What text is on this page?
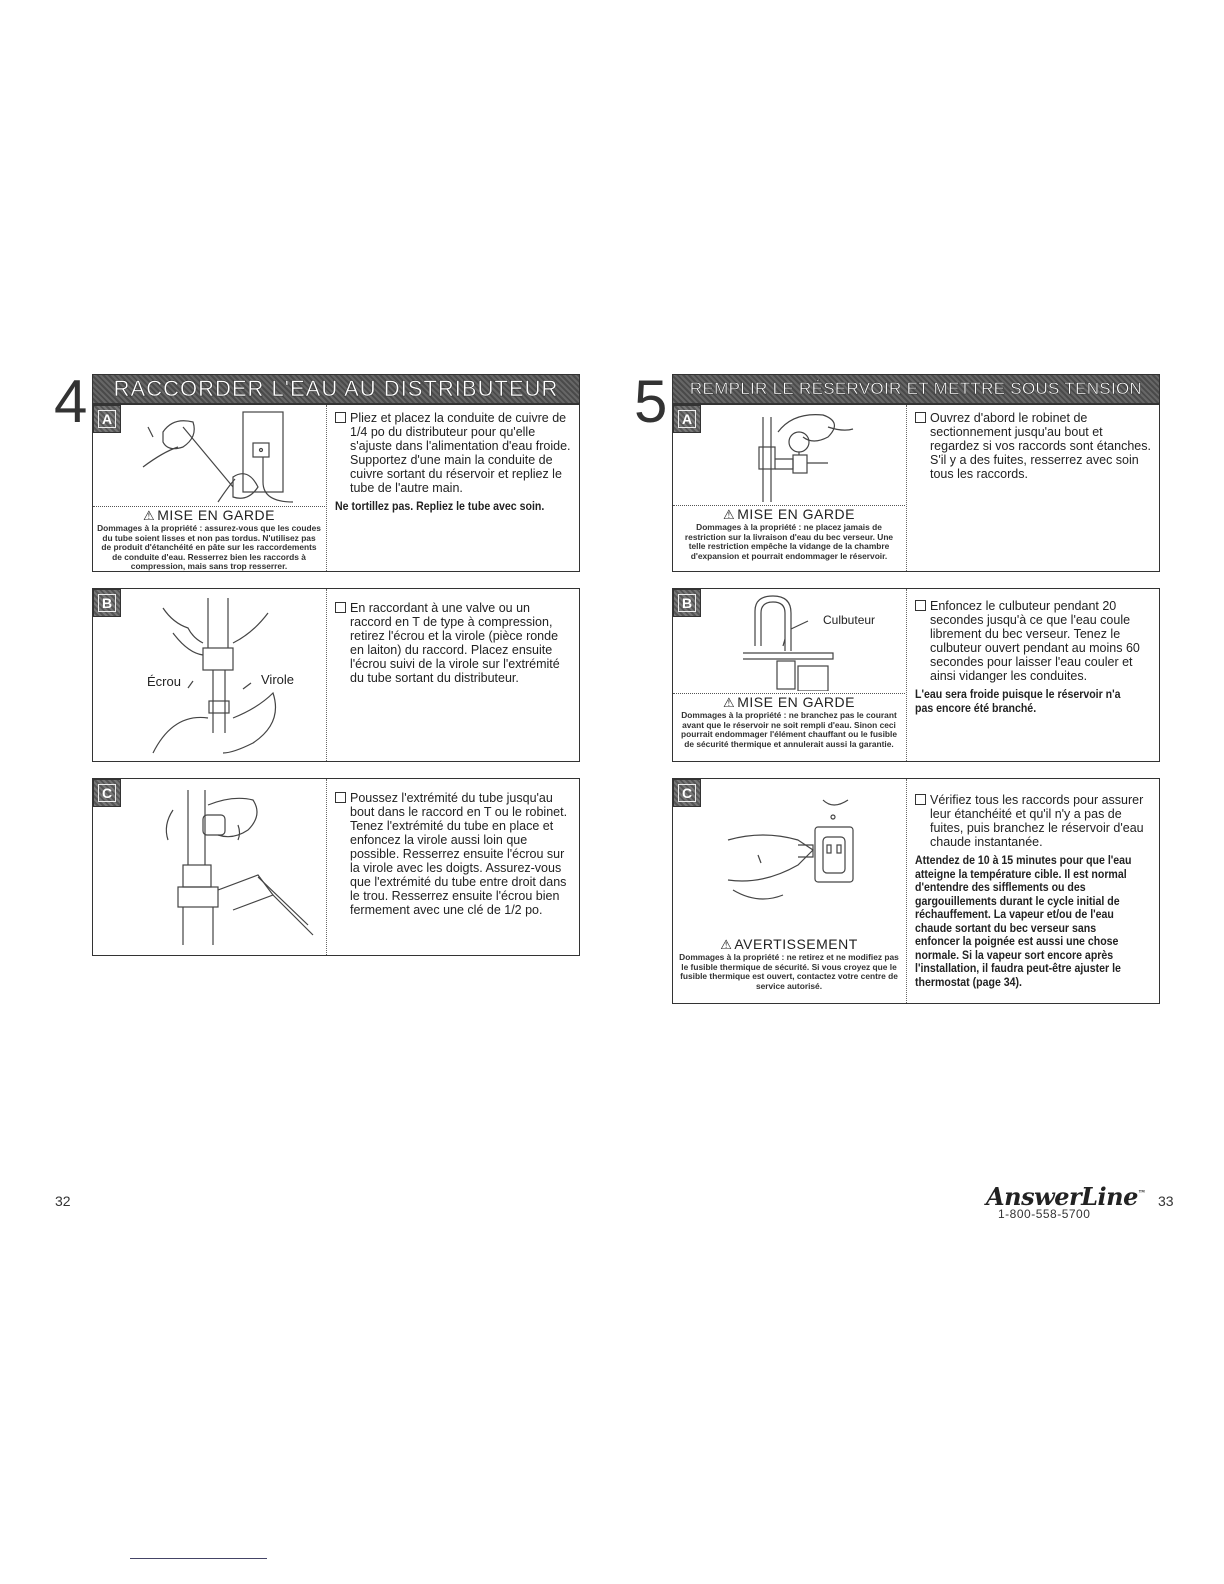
4	RACCORDER L'EAU AU DISTRIBUTEUR
A
⚠ MISE EN GARDE
Dommages à la propriété : assurez-vous que les coudes du tube soient lisses et non pas tordus. N'utilisez pas de produit d'étanchéité en pâte sur les raccordements de conduite d'eau. Resserrez bien les raccords à compression, mais sans trop resserrer.

Pliez et placez la conduite de cuivre de 1/4 po du distributeur pour qu'elle s'ajuste dans l'alimentation d'eau froide. Supportez d'une main la conduite de cuivre sortant du réservoir et repliez le tube de l'autre main.

Ne tortillez pas. Repliez le tube avec soin.

B
Écrou	Virole

En raccordant à une valve ou un raccord en T de type à compression, retirez l'écrou et la virole (pièce ronde en laiton) du raccord. Placez ensuite l'écrou suivi de la virole sur l'extrémité du tube sortant du distributeur.

C	Poussez l'extrémité du tube jusqu'au bout dans le raccord en T ou le robinet. Tenez l'extrémité du tube en place et enfoncez la virole aussi loin que possible. Resserrez ensuite l'écrou sur la virole avec les doigts. Assurez-vous que l'extrémité du tube entre droit dans le trou. Resserrez ensuite l'écrou bien fermement avec une clé de 1/2 po.

32
5	REMPLIR LE RÉSERVOIR ET METTRE SOUS TENSION
A
⚠ MISE EN GARDE
Dommages à la propriété : ne placez jamais de restriction sur la livraison d'eau du bec verseur. Une telle restriction empêche la vidange de la chambre d'expansion et pourrait endommager le réservoir.

Ouvrez d'abord le robinet de sectionnement jusqu'au bout et regardez si vos raccords sont étanches. S'il y a des fuites, resserrez avec soin tous les raccords.

B
Culbuteur
⚠ MISE EN GARDE
Dommages à la propriété : ne branchez pas le courant avant que le réservoir ne soit rempli d'eau. Sinon ceci pourrait endommager l'élément chauffant ou le fusible de sécurité thermique et annulerait aussi la garantie.

Enfoncez le culbuteur pendant 20 secondes jusqu'à ce que l'eau coule librement du bec verseur. Tenez le culbuteur ouvert pendant au moins 60 secondes pour laisser l'eau couler et ainsi vidanger les conduites.

L'eau sera froide puisque le réservoir n'a pas encore été branché.

C
⚠ AVERTISSEMENT
Dommages à la propriété : ne retirez et ne modifiez pas le fusible thermique de sécurité. Si vous croyez que le fusible thermique est ouvert, contactez votre centre de service autorisé.

Vérifiez tous les raccords pour assurer leur étanchéité et qu'il n'y a pas de fuites, puis branchez le réservoir d'eau chaude instantanée.

Attendez de 10 à 15 minutes pour que l'eau atteigne la température cible. Il est normal d'entendre des sifflements ou des gargouillements durant le cycle initial de réchauffement. La vapeur et/ou de l'eau chaude sortant du bec verseur sans enfoncer la poignée est aussi une chose normale. Si la vapeur sort encore après l'installation, il faudra peut-être ajuster le thermostat (page 34).

AnswerLine™
1-800-558-5700
33
